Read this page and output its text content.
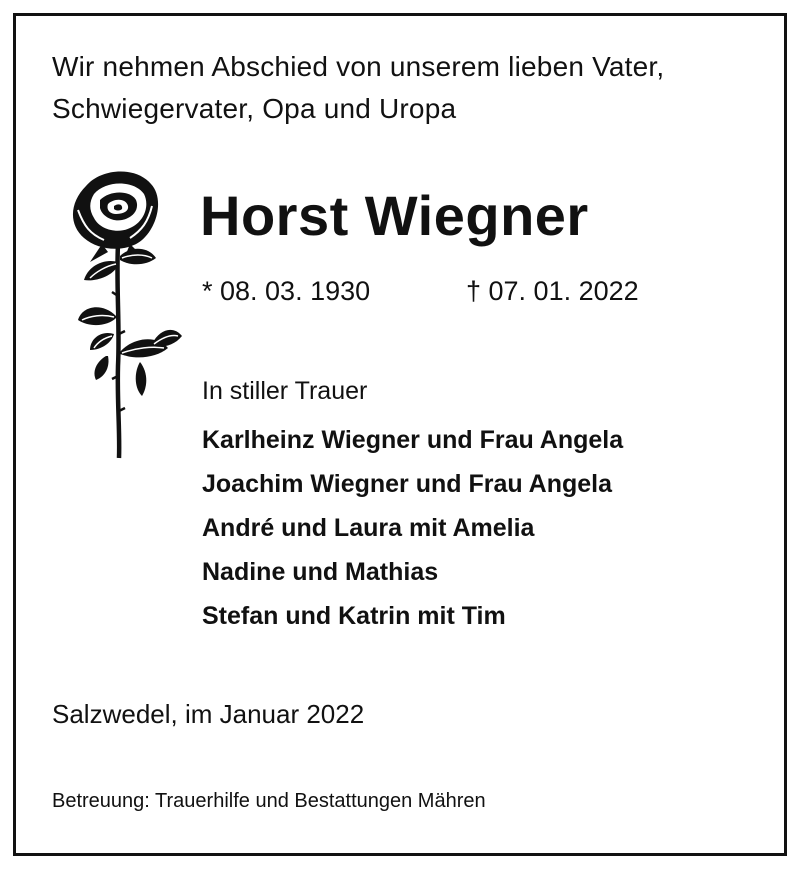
Wir nehmen Abschied von unserem lieben Vater,
Schwiegervater, Opa und Uropa
Horst Wiegner
* 08. 03. 1930	† 07. 01. 2022
In stiller Trauer
Karlheinz Wiegner und Frau Angela
Joachim Wiegner und Frau Angela
André und Laura mit Amelia
Nadine und Mathias
Stefan und Katrin mit Tim
Salzwedel, im Januar 2022
Betreuung: Trauerhilfe und Bestattungen Mähren
